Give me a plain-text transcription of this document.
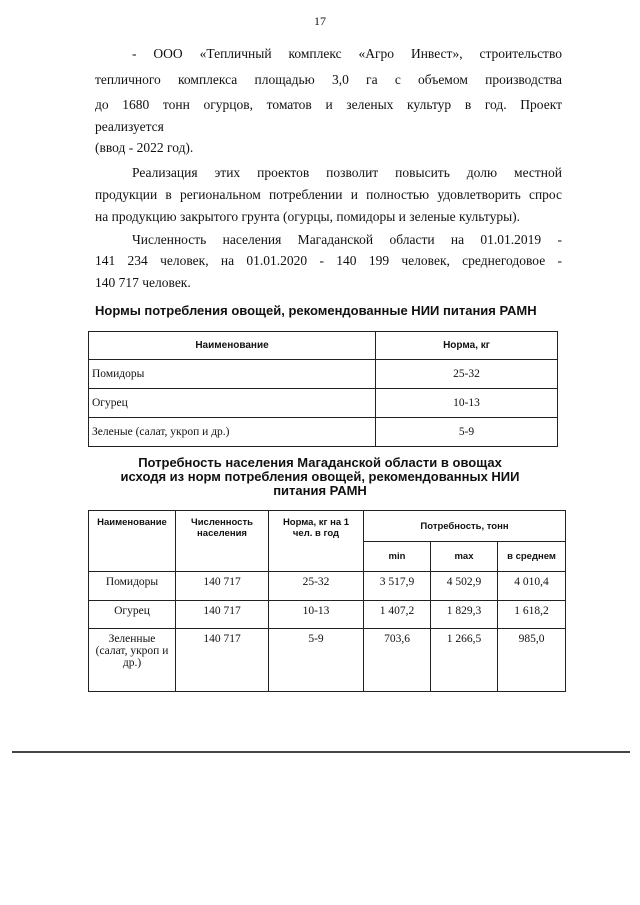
17
- ООО «Тепличный комплекс «Агро Инвест», строительство
тепличного комплекса площадью 3,0 га с объемом производства
до 1680 тонн огурцов, томатов и зеленых культур в год. Проект
реализуется
(ввод - 2022 год).
Реализация этих проектов позволит повысить долю местной
продукции в региональном потреблении и полностью удовлетворить спрос
на продукцию закрытого грунта (огурцы, помидоры и зеленые культуры).
Численность населения Магаданской области на 01.01.2019 -
141 234 человек, на 01.01.2020 - 140 199 человек, среднегодовое -
140 717 человек.
Нормы потребления овощей, рекомендованные НИИ питания РАМН
Наименование	Норма, кг
Помидоры	25-32
Огурец	10-13
Зеленые (салат, укроп и др.)	5-9
Потребность населения Магаданской области в овощах
исходя из норм потребления овощей, рекомендованных НИИ
питания РАМН
Наименование	Численность населения	Норма, кг на 1 чел. в год	Потребность, тонн		
			min	max	в среднем
Помидоры	140 717	25-32	3 517,9	4 502,9	4 010,4
Огурец	140 717	10-13	1 407,2	1 829,3	1 618,2
Зеленные (салат, укроп и др.)	140 717	5-9	703,6	1 266,5	985,0
